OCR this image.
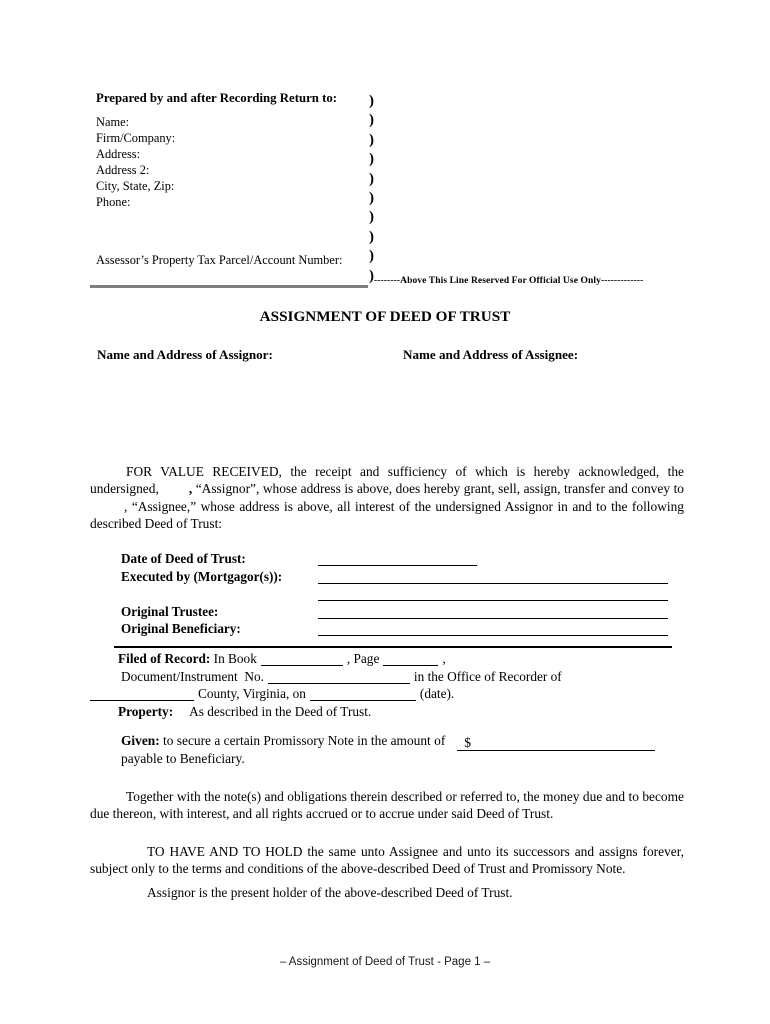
Prepared by and after Recording Return to:
Name:
Firm/Company:
Address:
Address 2:
City, State, Zip:
Phone:
Assessor’s Property Tax Parcel/Account Number:
)
)
)
)
)
)
)
)
)
) --------Above This Line Reserved For Official Use Only-------------
ASSIGNMENT OF DEED OF TRUST
Name and Address of Assignor:	Name and Address of Assignee:
FOR VALUE RECEIVED, the receipt and sufficiency of which is hereby acknowledged, the undersigned, , “Assignor”, whose address is above, does hereby grant, sell, assign, transfer and convey to, “Assignee,” whose address is above, all interest of the undersigned Assignor in and to the following described Deed of Trust:
Date of Deed of Trust:
Executed by (Mortgagor(s)):
Original Trustee:
Original Beneficiary:
Filed of Record: In Book	, Page	,
Document/Instrument  No.	in the Office of Recorder of
County, Virginia, on	(date).
Property: As described in the Deed of Trust.
Given: to secure a certain Promissory Note in the amount of $
payable to Beneficiary.
Together with the note(s) and obligations therein described or referred to, the money due and to become due thereon, with interest, and all rights accrued or to accrue under said Deed of Trust.
TO HAVE AND TO HOLD the same unto Assignee and unto its successors and assigns forever, subject only to the terms and conditions of the above-described Deed of Trust and Promissory Note.
Assignor is the present holder of the above-described Deed of Trust.
– Assignment of Deed of Trust - Page 1 –
